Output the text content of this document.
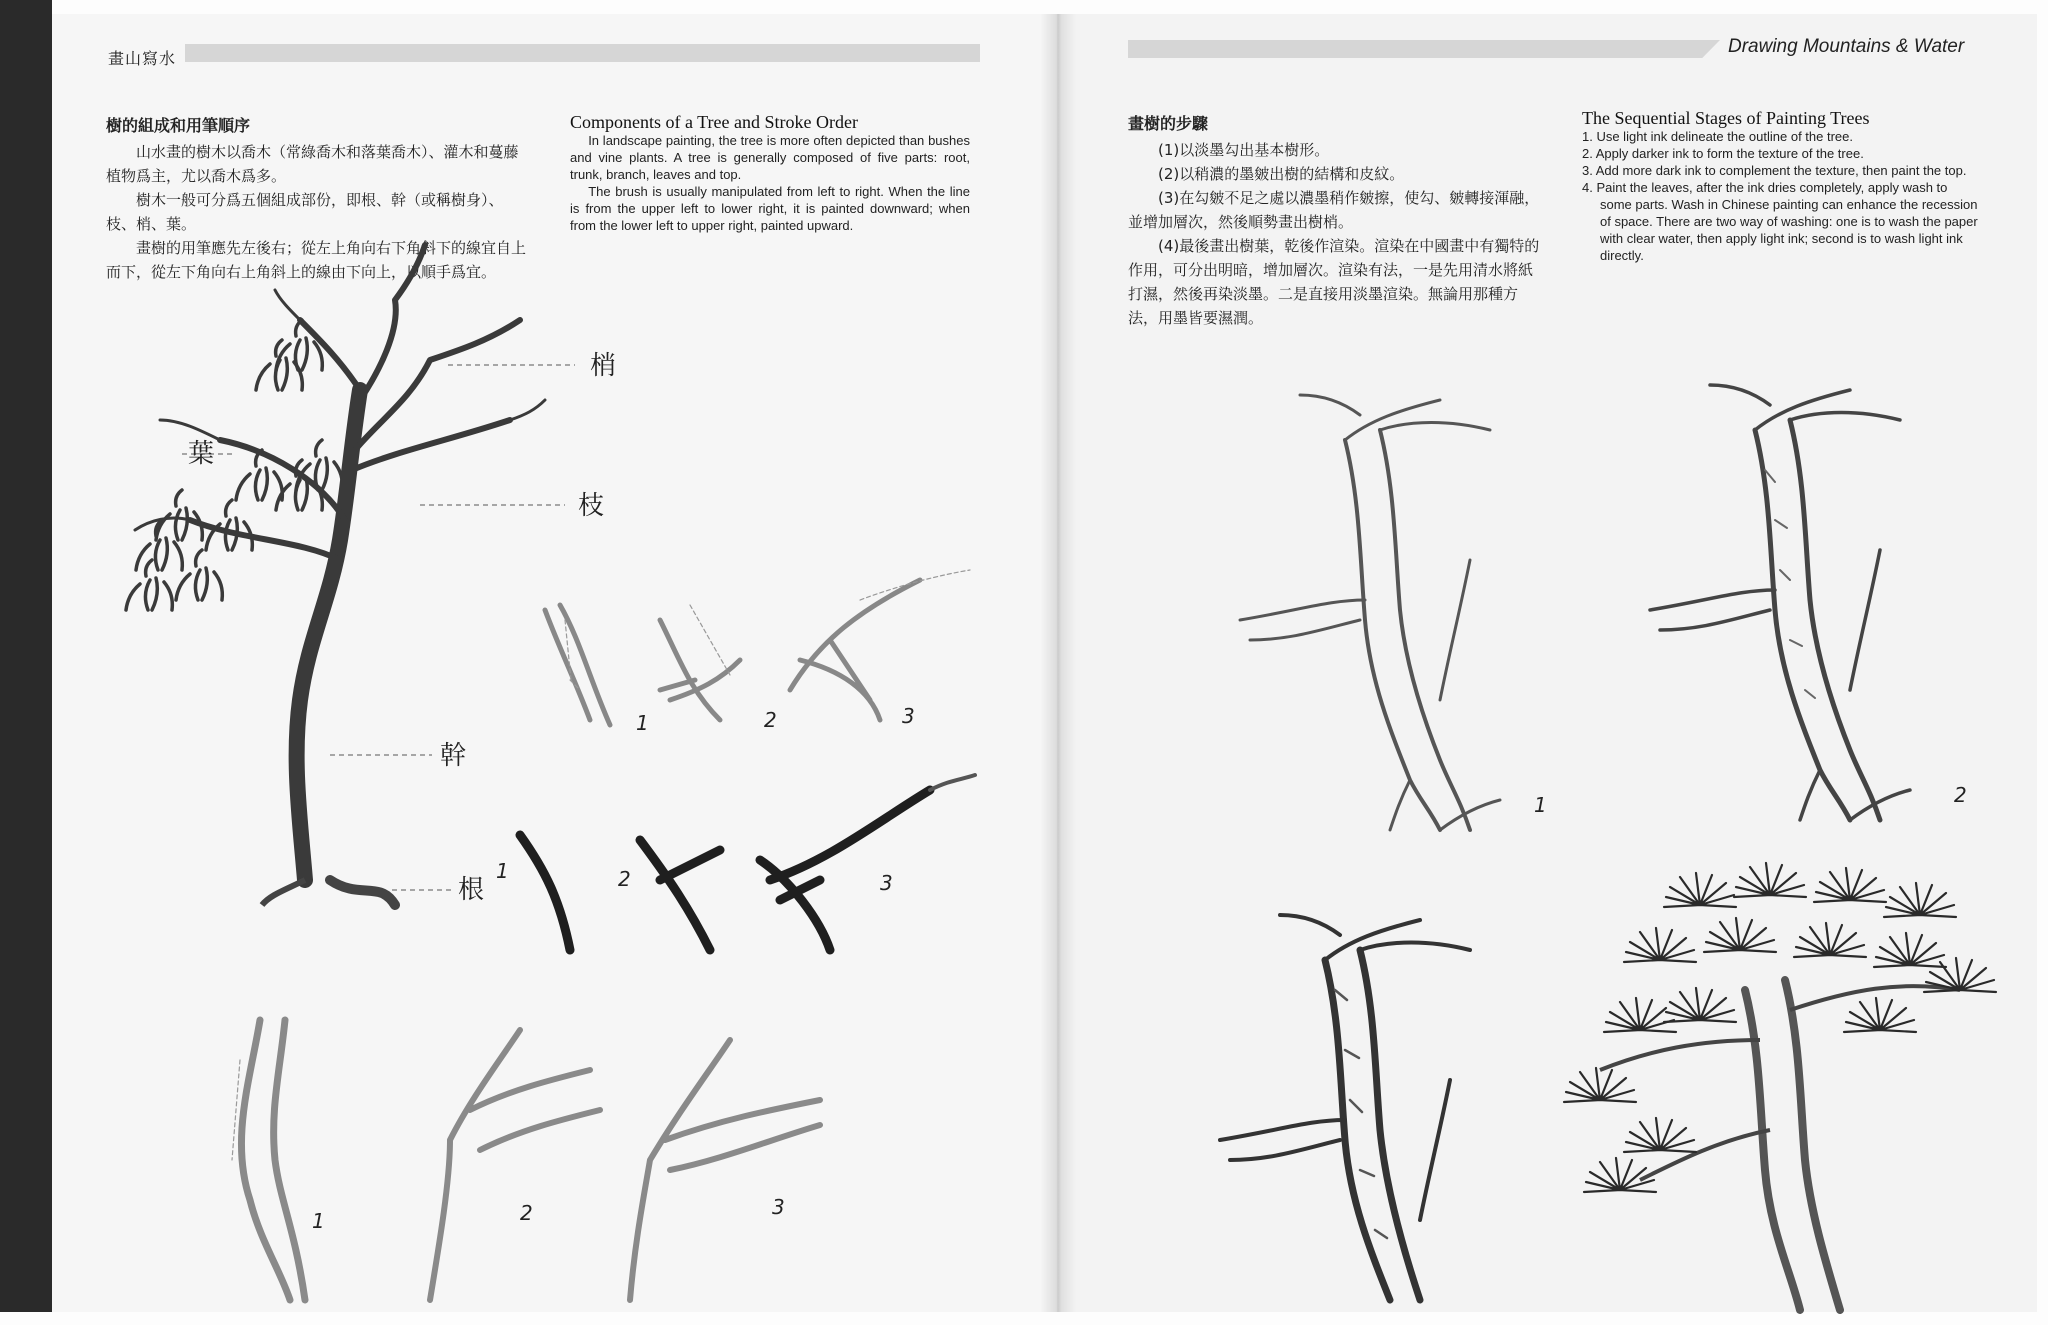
畫山寫水
Drawing Mountains & Water
樹的組成和用筆順序

山水畫的樹木以喬木（常綠喬木和落葉喬木）、灌木和蔓藤植物爲主，尤以喬木爲多。

樹木一般可分爲五個組成部份，即根、幹（或稱樹身）、枝、梢、葉。

畫樹的用筆應先左後右；從左上角向右下角斜下的線宜自上而下，從左下角向右上角斜上的線由下向上，以順手爲宜。

Components of a Tree and Stroke Order

In landscape painting, the tree is more often depicted than bushes and vine plants. A tree is generally composed of five parts: root, trunk, branch, leaves and top.

The brush is usually manipulated from left to right. When the line is from the upper left to lower right, it is painted downward; when from the lower left to upper right, painted upward.

畫樹的步驟

(1)以淡墨勾出基本樹形。

(2)以稍濃的墨皴出樹的結構和皮紋。

(3)在勾皴不足之處以濃墨稍作皴擦，使勾、皴轉接渾融，並增加層次，然後順勢畫出樹梢。

(4)最後畫出樹葉，乾後作渲染。渲染在中國畫中有獨特的作用，可分出明暗，增加層次。渲染有法，一是先用清水將紙打濕，然後再染淡墨。二是直接用淡墨渲染。無論用那種方法，用墨皆要濕潤。

The Sequential Stages of Painting Trees
1. Use light ink delineate the outline of the tree.
2. Apply darker ink to form the texture of the tree.
3. Add more dark ink to complement the texture, then paint the top.
4. Paint the leaves, after the ink dries completely, apply wash to some parts. Wash in Chinese painting can enhance the recession of space. There are two way of washing: one is to wash the paper with clear water, then apply light ink; second is to wash light ink directly.
梢
葉
枝
幹
根
1	2	3
1	2	3
1	2	3
1	2
